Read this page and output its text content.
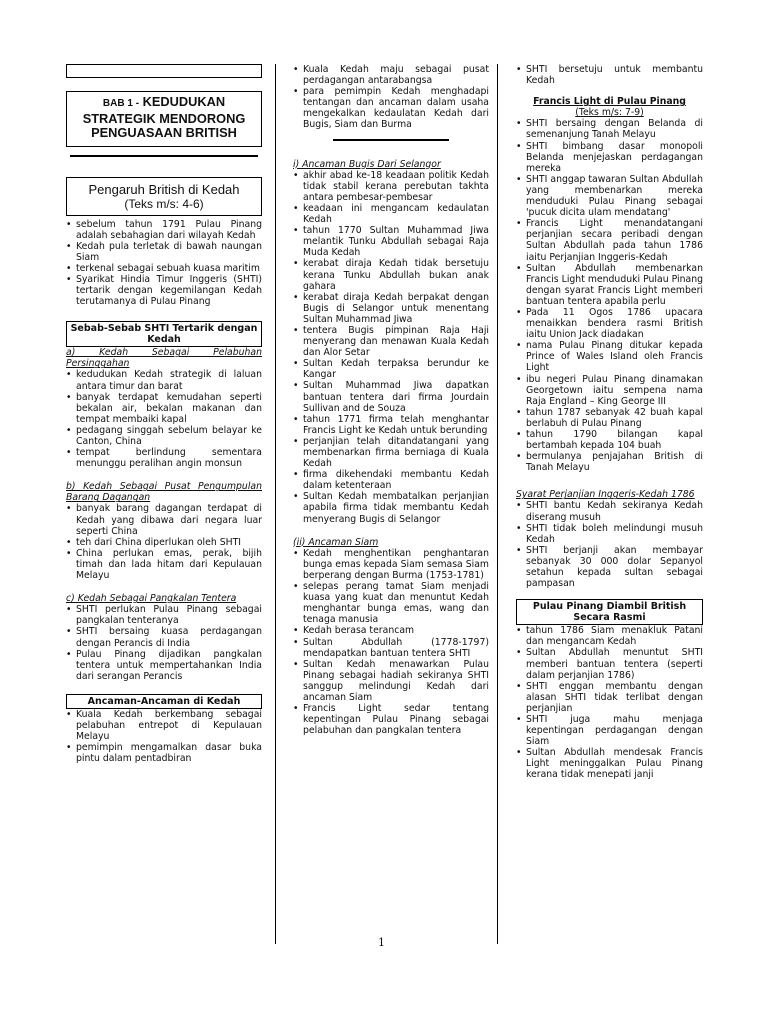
BAB 1 - KEDUDUKAN STRATEGIK MENDORONG PENGUASAAN BRITISH
Pengaruh British di Kedah
(Teks m/s: 4-6)
• sebelum tahun 1791 Pulau Pinang adalah sebahagian dari wilayah Kedah
• Kedah pula terletak di bawah naungan Siam
• terkenal sebagai sebuah kuasa maritim
• Syarikat Hindia Timur Inggeris (SHTI) tertarik dengan kegemilangan Kedah terutamanya di Pulau Pinang
Sebab-Sebab SHTI Tertarik dengan Kedah
a) Kedah Sebagai Pelabuhan Persinggahan
• kedudukan Kedah strategik di laluan antara timur dan barat
• banyak terdapat kemudahan seperti bekalan air, bekalan makanan dan tempat membaiki kapal
• pedagang singgah sebelum belayar ke Canton, China
• tempat berlindung sementara menunggu peralihan angin monsun
b) Kedah Sebagai Pusat Pengumpulan Barang Dagangan
• banyak barang dagangan terdapat di Kedah yang dibawa dari negara luar seperti China
• teh dari China diperlukan oleh SHTI
• China perlukan emas, perak, bijih timah dan lada hitam dari Kepulauan Melayu
c) Kedah Sebagai Pangkalan Tentera
• SHTI perlukan Pulau Pinang sebagai pangkalan tenteranya
• SHTI bersaing kuasa perdagangan dengan Perancis di India
• Pulau Pinang dijadikan pangkalan tentera untuk mempertahankan India dari serangan Perancis
Ancaman-Ancaman di Kedah
• Kuala Kedah berkembang sebagai pelabuhan entrepot di Kepulauan Melayu
• pemimpin mengamalkan dasar buka pintu dalam pentadbiran
• Kuala Kedah maju sebagai pusat perdagangan antarabangsa
• para pemimpin Kedah menghadapi tentangan dan ancaman dalam usaha mengekalkan kedaulatan Kedah dari Bugis, Siam dan Burma
i) Ancaman Bugis Dari Selangor
• akhir abad ke-18 keadaan politik Kedah tidak stabil kerana perebutan takhta antara pembesar-pembesar
• keadaan ini mengancam kedaulatan Kedah
• tahun 1770 Sultan Muhammad Jiwa melantik Tunku Abdullah sebagai Raja Muda Kedah
• kerabat diraja Kedah tidak bersetuju kerana Tunku Abdullah bukan anak gahara
• kerabat diraja Kedah berpakat dengan Bugis di Selangor untuk menentang Sultan Muhammad Jiwa
• tentera Bugis pimpinan Raja Haji menyerang dan menawan Kuala Kedah dan Alor Setar
• Sultan Kedah terpaksa berundur ke Kangar
• Sultan Muhammad Jiwa dapatkan bantuan tentera dari firma Jourdain Sullivan and de Souza
• tahun 1771 firma telah menghantar Francis Light ke Kedah untuk berunding
• perjanjian telah ditandatangani yang membenarkan firma berniaga di Kuala Kedah
• firma dikehendaki membantu Kedah dalam ketenteraan
• Sultan Kedah membatalkan perjanjian apabila firma tidak membantu Kedah menyerang Bugis di Selangor
(ii) Ancaman Siam
• Kedah menghentikan penghantaran bunga emas kepada Siam semasa Siam berperang dengan Burma (1753-1781)
• selepas perang tamat Siam menjadi kuasa yang kuat dan menuntut Kedah menghantar bunga emas, wang dan tenaga manusia
• Kedah berasa terancam
• Sultan Abdullah (1778-1797) mendapatkan bantuan tentera SHTI
• Sultan Kedah menawarkan Pulau Pinang sebagai hadiah sekiranya SHTI sanggup melindungi Kedah dari ancaman Siam
• Francis Light sedar tentang kepentingan Pulau Pinang sebagai pelabuhan dan pangkalan tentera
• SHTI bersetuju untuk membantu Kedah
Francis Light di Pulau Pinang
(Teks m/s: 7-9)
• SHTI bersaing dengan Belanda di semenanjung Tanah Melayu
• SHTI bimbang dasar monopoli Belanda menjejaskan perdagangan mereka
• SHTI anggap tawaran Sultan Abdullah yang membenarkan mereka menduduki Pulau Pinang sebagai 'pucuk dicita ulam mendatang'
• Francis Light menandatangani perjanjian secara peribadi dengan Sultan Abdullah pada tahun 1786 iaitu Perjanjian Inggeris-Kedah
• Sultan Abdullah membenarkan Francis Light menduduki Pulau Pinang dengan syarat Francis Light memberi bantuan tentera apabila perlu
• Pada 11 Ogos 1786 upacara menaikkan bendera rasmi British iaitu Union Jack diadakan
• nama Pulau Pinang ditukar kepada Prince of Wales Island oleh Francis Light
• ibu negeri Pulau Pinang dinamakan Georgetown iaitu sempena nama Raja England – King George III
• tahun 1787 sebanyak 42 buah kapal berlabuh di Pulau Pinang
• tahun 1790 bilangan kapal bertambah kepada 104 buah
• bermulanya penjajahan British di Tanah Melayu
Syarat Perjanjian Inggeris-Kedah 1786
• SHTI bantu Kedah sekiranya Kedah diserang musuh
• SHTI tidak boleh melindungi musuh Kedah
• SHTI berjanji akan membayar sebanyak 30 000 dolar Sepanyol setahun kepada sultan sebagai pampasan
Pulau Pinang Diambil British Secara Rasmi
• tahun 1786 Siam menakluk Patani dan mengancam Kedah
• Sultan Abdullah menuntut SHTI memberi bantuan tentera (seperti dalam perjanjian 1786)
• SHTI enggan membantu dengan alasan SHTI tidak terlibat dengan perjanjian
• SHTI juga mahu menjaga kepentingan perdagangan dengan Siam
• Sultan Abdullah mendesak Francis Light meninggalkan Pulau Pinang kerana tidak menepati janji
1
